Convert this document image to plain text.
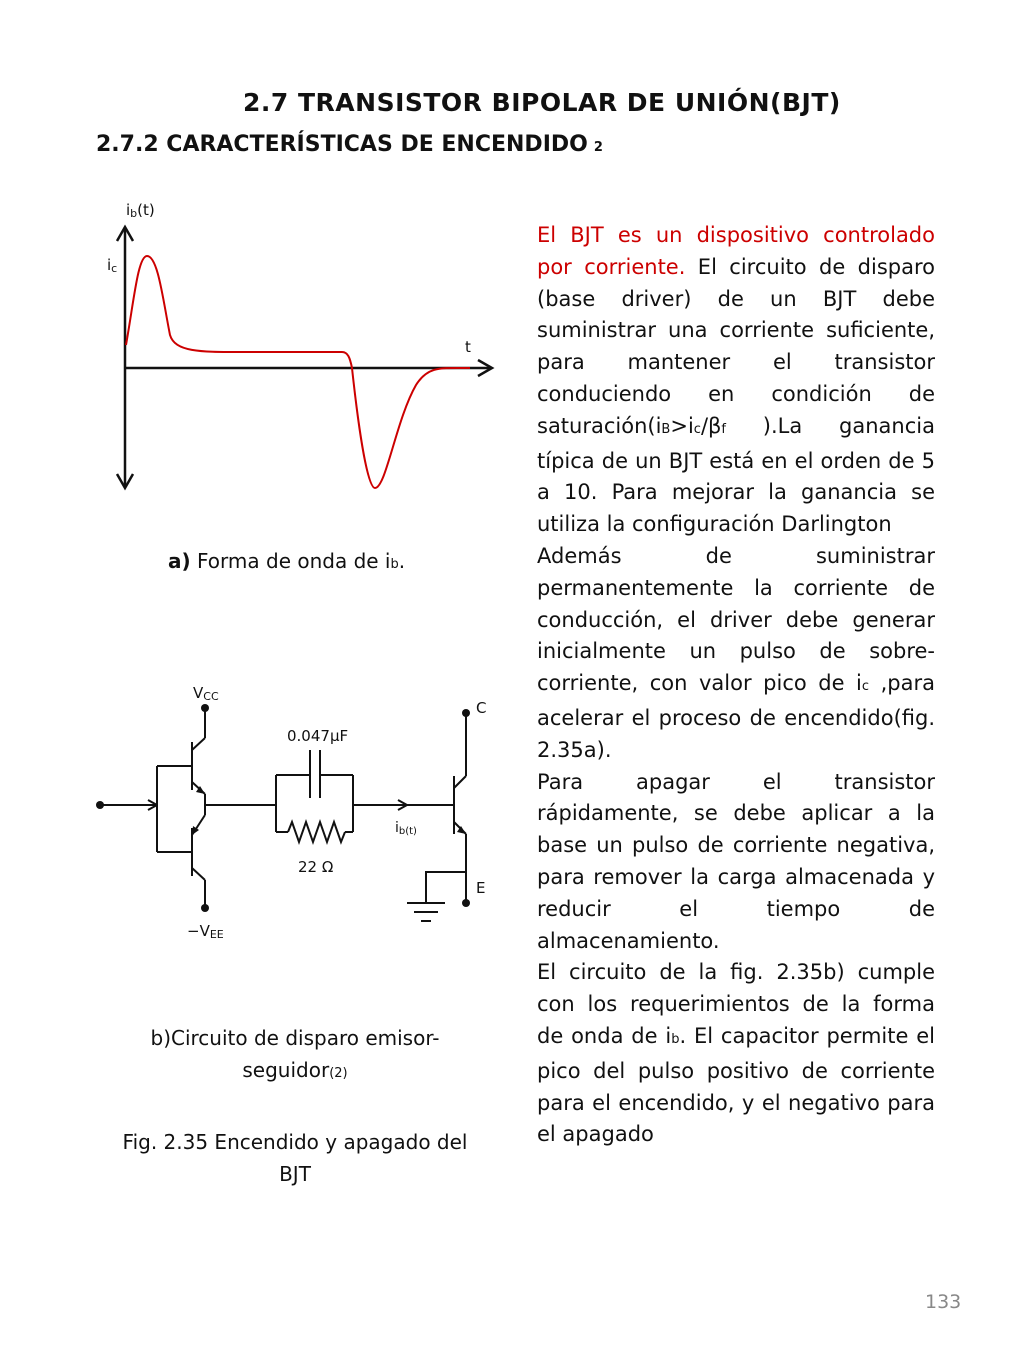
2.7 TRANSISTOR BIPOLAR DE UNIÓN(BJT)
2.7.2 CARACTERÍSTICAS DE ENCENDIDO 2
ib(t)
ic
t
a) Forma de onda de ib.
VCC
−VEE
0.047μF
22 Ω
ib(t)
C
E
b)Circuito de disparo emisor-seguidor(2)
Fig. 2.35 Encendido y apagado del BJT

El BJT es un dispositivo controlado por corriente. El circuito de disparo (base driver) de un BJT debe suministrar una corriente suficiente, para mantener el transistor conduciendo en condición de saturación(iB>ic/βf ).La ganancia típica de un BJT está en el orden de 5 a 10. Para mejorar la ganancia se utiliza la configuración Darlington

Además de suministrar permanentemente la corriente de conducción, el driver debe generar inicialmente un pulso de sobre-corriente, con valor pico de ic ,para acelerar el proceso de encendido(fig. 2.35a).

Para apagar el transistor rápidamente, se debe aplicar a la base un pulso de corriente negativa, para remover la carga almacenada y reducir el tiempo de almacenamiento.

El circuito de la fig. 2.35b) cumple con los requerimientos de la forma de onda de ib. El capacitor permite el pico del pulso positivo de corriente para el encendido, y el negativo para el apagado

133
